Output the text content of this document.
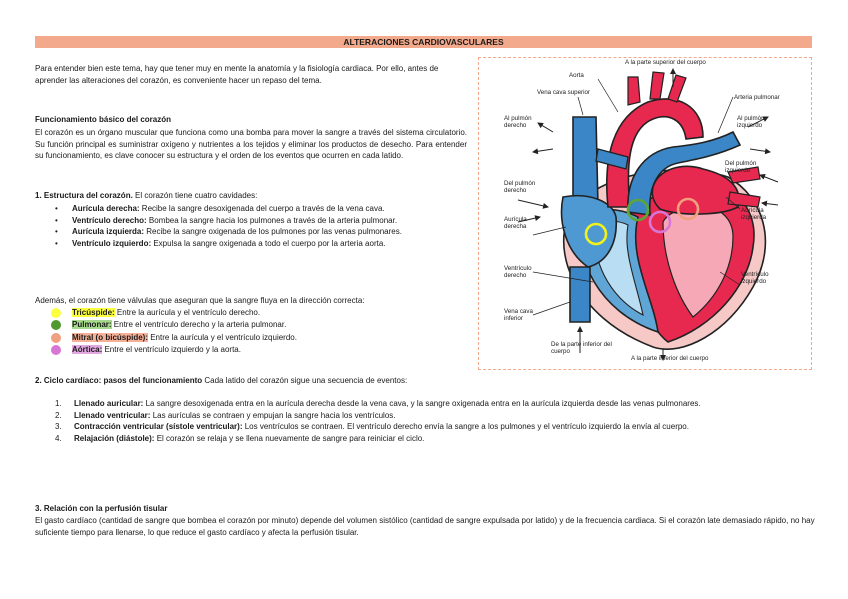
ALTERACIONES CARDIOVASCULARES

Para entender bien este tema, hay que tener muy en mente la anatomía y la fisiología cardiaca. Por ello, antes de aprender las alteraciones del corazón, es conveniente hacer un repaso del tema.

Funcionamiento básico del corazón

El corazón es un órgano muscular que funciona como una bomba para mover la sangre a través del sistema circulatorio. Su función principal es suministrar oxígeno y nutrientes a los tejidos y eliminar los productos de desecho. Para entender su funcionamiento, es clave conocer su estructura y el orden de los eventos que ocurren en cada latido.

1. Estructura del corazón. El corazón tiene cuatro cavidades:

• Aurícula derecha: Recibe la sangre desoxigenada del cuerpo a través de la vena cava.
• Ventrículo derecho: Bombea la sangre hacia los pulmones a través de la arteria pulmonar.
• Aurícula izquierda: Recibe la sangre oxigenada de los pulmones por las venas pulmonares.
• Ventrículo izquierdo: Expulsa la sangre oxigenada a todo el cuerpo por la arteria aorta.

Además, el corazón tiene válvulas que aseguran que la sangre fluya en la dirección correcta:

Tricúspide: Entre la aurícula y el ventrículo derecho.
Pulmonar: Entre el ventrículo derecho y la arteria pulmonar.
Mitral (o bicúspide): Entre la aurícula y el ventrículo izquierdo.
Aórtica: Entre el ventrículo izquierdo y la aorta.

2. Ciclo cardíaco: pasos del funcionamiento Cada latido del corazón sigue una secuencia de eventos:

1. Llenado auricular: La sangre desoxigenada entra en la aurícula derecha desde la vena cava, y la sangre oxigenada entra en la aurícula izquierda desde las venas pulmonares.
2. Llenado ventricular: Las aurículas se contraen y empujan la sangre hacia los ventrículos.
3. Contracción ventricular (sístole ventricular): Los ventrículos se contraen. El ventrículo derecho envía la sangre a los pulmones y el ventrículo izquierdo la envía al cuerpo.
4. Relajación (diástole): El corazón se relaja y se llena nuevamente de sangre para reiniciar el ciclo.

3. Relación con la perfusión tisular

El gasto cardíaco (cantidad de sangre que bombea el corazón por minuto) depende del volumen sistólico (cantidad de sangre expulsada por latido) y de la frecuencia cardiaca. Si el corazón late demasiado rápido, no hay suficiente tiempo para llenarse, lo que reduce el gasto cardíaco y afecta la perfusión tisular.

A la parte superior del cuerpo
Aorta
Vena cava superior
Arteria pulmonar
Al pulmón derecho
Al pulmón izquierdo
Del pulmón izquierdo
Del pulmón derecho
Aurícula izquierda
Aurícula derecha
Ventrículo derecho	Ventrículo izquierdo
Vena cava inferior
De la parte inferior del cuerpo
A la parte inferior del cuerpo
